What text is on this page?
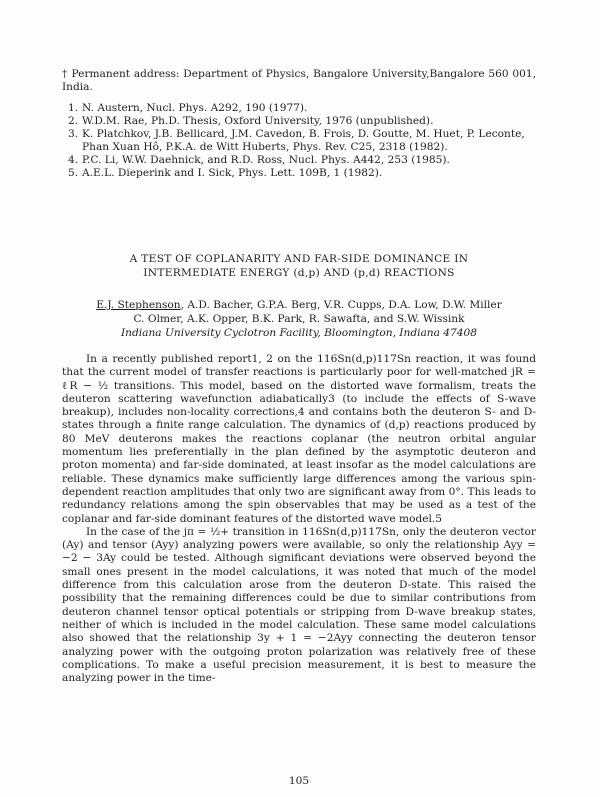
† Permanent address: Department of Physics, Bangalore University,Bangalore 560 001, India.

1. N. Austern, Nucl. Phys. A292, 190 (1977).
2. W.D.M. Rae, Ph.D. Thesis, Oxford University, 1976 (unpublished).
3. K. Platchkov, J.B. Bellicard, J.M. Cavedon, B. Frois, D. Goutte, M. Huet, P. Leconte, Phan Xuan Hô, P.K.A. de Witt Huberts, Phys. Rev. C25, 2318 (1982).
4. P.C. Li, W.W. Daehnick, and R.D. Ross, Nucl. Phys. A442, 253 (1985).
5. A.E.L. Dieperink and I. Sick, Phys. Lett. 109B, 1 (1982).
A TEST OF COPLANARITY AND FAR-SIDE DOMINANCE IN
INTERMEDIATE ENERGY (d,p) AND (p,d) REACTIONS
E.J. Stephenson, A.D. Bacher, G.P.A. Berg, V.R. Cupps, D.A. Low, D.W. Miller
C. Olmer, A.K. Opper, B.K. Park, R. Sawafta, and S.W. Wissink
Indiana University Cyclotron Facility, Bloomington, Indiana 47408

In a recently published report1, 2 on the 116Sn(d,p)117Sn reaction, it was found that the current model of transfer reactions is particularly poor for well-matched jR = ℓR − ½ transitions. This model, based on the distorted wave formalism, treats the deuteron scattering wavefunction adiabatically3 (to include the effects of S-wave breakup), includes non-locality corrections,4 and contains both the deuteron S- and D-states through a finite range calculation. The dynamics of (d,p) reactions produced by 80 MeV deuterons makes the reactions coplanar (the neutron orbital angular momentum lies preferentially in the plan defined by the asymptotic deuteron and proton momenta) and far-side dominated, at least insofar as the model calculations are reliable. These dynamics make sufficiently large differences among the various spin-dependent reaction amplitudes that only two are significant away from 0°. This leads to redundancy relations among the spin observables that may be used as a test of the coplanar and far-side dominant features of the distorted wave model.5

In the case of the jπ = ½+ transition in 116Sn(d,p)117Sn, only the deuteron vector (Ay) and tensor (Ayy) analyzing powers were available, so only the relationship Ayy = −2 − 3Ay could be tested. Although significant deviations were observed beyond the small ones present in the model calculations, it was noted that much of the model difference from this calculation arose from the deuteron D-state. This raised the possibility that the remaining differences could be due to similar contributions from deuteron channel tensor optical potentials or stripping from D-wave breakup states, neither of which is included in the model calculation. These same model calculations also showed that the relationship 3y + 1 = −2Ayy connecting the deuteron tensor analyzing power with the outgoing proton polarization was relatively free of these complications. To make a useful precision measurement, it is best to measure the analyzing power in the time-

105
